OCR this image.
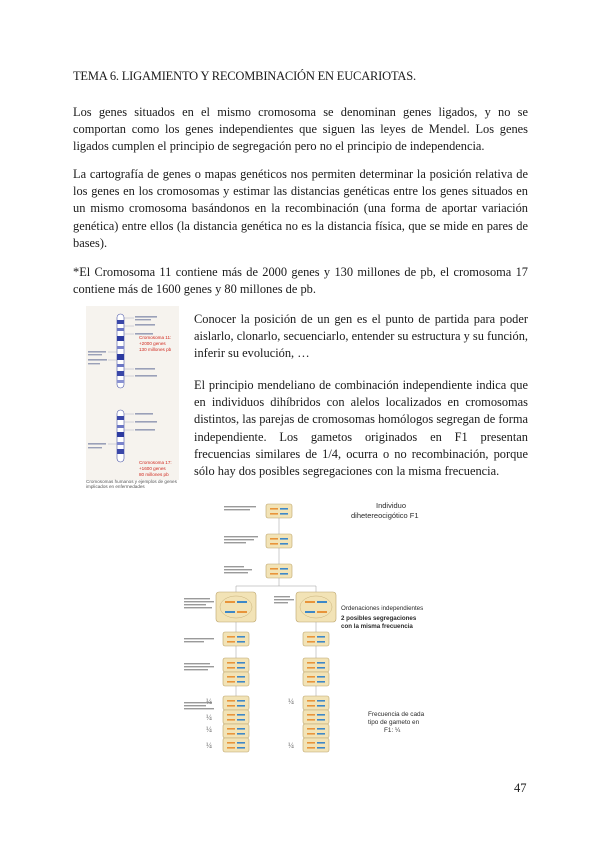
TEMA 6. LIGAMIENTO Y RECOMBINACIÓN EN EUCARIOTAS.

Los genes situados en el mismo cromosoma se denominan genes ligados, y no se comportan como los genes independientes que siguen las leyes de Mendel. Los genes ligados cumplen el principio de segregación pero no el principio de independencia.

La cartografía de genes o mapas genéticos nos permiten determinar la posición relativa de los genes en los cromosomas y estimar las distancias genéticas entre los genes situados en un mismo cromosoma basándonos en la recombinación (una forma de aportar variación genética) entre ellos (la distancia genética no es la distancia física, que se mide en pares de bases).

*El Cromosoma 11 contiene más de 2000 genes y 130 millones de pb, el cromosoma 17 contiene más de 1600 genes y 80 millones de pb.

Conocer la posición de un gen es el punto de partida para poder aislarlo, clonarlo, secuenciarlo, entender su estructura y su función, inferir su evolución, …

El principio mendeliano de combinación independiente indica que en individuos dihíbridos con alelos localizados en cromosomas distintos, las parejas de cromosomas homólogos segregan de forma independiente. Los gametos originados en F1 presentan frecuencias similares de 1/4, ocurra o no recombinación, porque sólo hay dos posibles segregaciones con la misma frecuencia.

Cromosoma 11: +2000 genes 130 millones pb
Cromosoma 17: +1600 genes 80 millones pb
Cromosomas humanos y ejemplos de genes implicados en enfermedades
¼
¼
¼
¼
¼
¼
Individuo dihetereocigótico F1
Ordenaciones independientes
2 posibles segregaciones con la misma frecuencia
Frecuencia de cada tipo de gameto en F1: ¼
47
